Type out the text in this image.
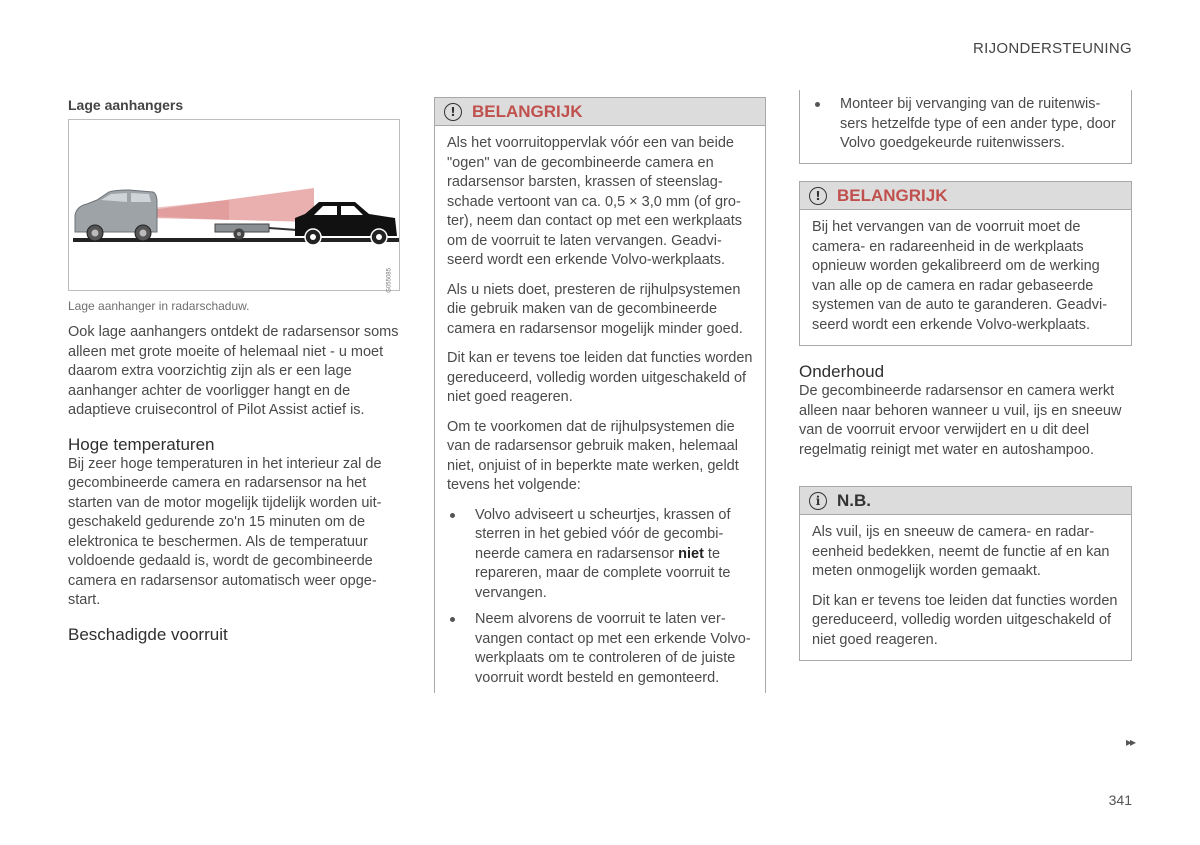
RIJONDERSTEUNING
Lage aanhangers
G055085
Lage aanhanger in radarschaduw.

Ook lage aanhangers ontdekt de radarsensor soms alleen met grote moeite of helemaal niet - u moet daarom extra voorzichtig zijn als er een lage aanhanger achter de voorligger hangt en de adaptieve cruisecontrol of Pilot Assist actief is.

Hoge temperaturen

Bij zeer hoge temperaturen in het interieur zal de gecombineerde camera en radarsensor na het starten van de motor mogelijk tijdelijk worden uitgeschakeld gedurende zo'n 15 minuten om de elektronica te beschermen. Als de temperatuur voldoende gedaald is, wordt de gecombineerde camera en radarsensor automatisch weer opgestart.

Beschadigde voorruit
! BELANGRIJK

Als het voorruitoppervlak vóór een van beide "ogen" van de gecombineerde camera en radarsensor barsten, krassen of steenslagschade vertoont van ca. 0,5 × 3,0 mm (of groter), neem dan contact op met een werkplaats om de voorruit te laten vervangen. Geadviseerd wordt een erkende Volvo-werkplaats.

Als u niets doet, presteren de rijhulpsystemen die gebruik maken van de gecombineerde camera en radarsensor mogelijk minder goed.

Dit kan er tevens toe leiden dat functies worden gereduceerd, volledig worden uitgeschakeld of niet goed reageren.

Om te voorkomen dat de rijhulpsystemen die van de radarsensor gebruik maken, helemaal niet, onjuist of in beperkte mate werken, geldt tevens het volgende:

Volvo adviseert u scheurtjes, krassen of sterren in het gebied vóór de gecombineerde camera en radarsensor niet te repareren, maar de complete voorruit te vervangen.
Neem alvorens de voorruit te laten vervangen contact op met een erkende Volvo-werkplaats om te controleren of de juiste voorruit wordt besteld en gemonteerd.
Monteer bij vervanging van de ruitenwissers hetzelfde type of een ander type, door Volvo goedgekeurde ruitenwissers.
! BELANGRIJK

Bij het vervangen van de voorruit moet de camera- en radareenheid in de werkplaats opnieuw worden gekalibreerd om de werking van alle op de camera en radar gebaseerde systemen van de auto te garanderen. Geadviseerd wordt een erkende Volvo-werkplaats.

Onderhoud

De gecombineerde radarsensor en camera werkt alleen naar behoren wanneer u vuil, ijs en sneeuw van de voorruit ervoor verwijdert en u dit deel regelmatig reinigt met water en autoshampoo.

i N.B.

Als vuil, ijs en sneeuw de camera- en radareenheid bedekken, neemt de functie af en kan meten onmogelijk worden gemaakt.

Dit kan er tevens toe leiden dat functies worden gereduceerd, volledig worden uitgeschakeld of niet goed reageren.

▸▸
341
